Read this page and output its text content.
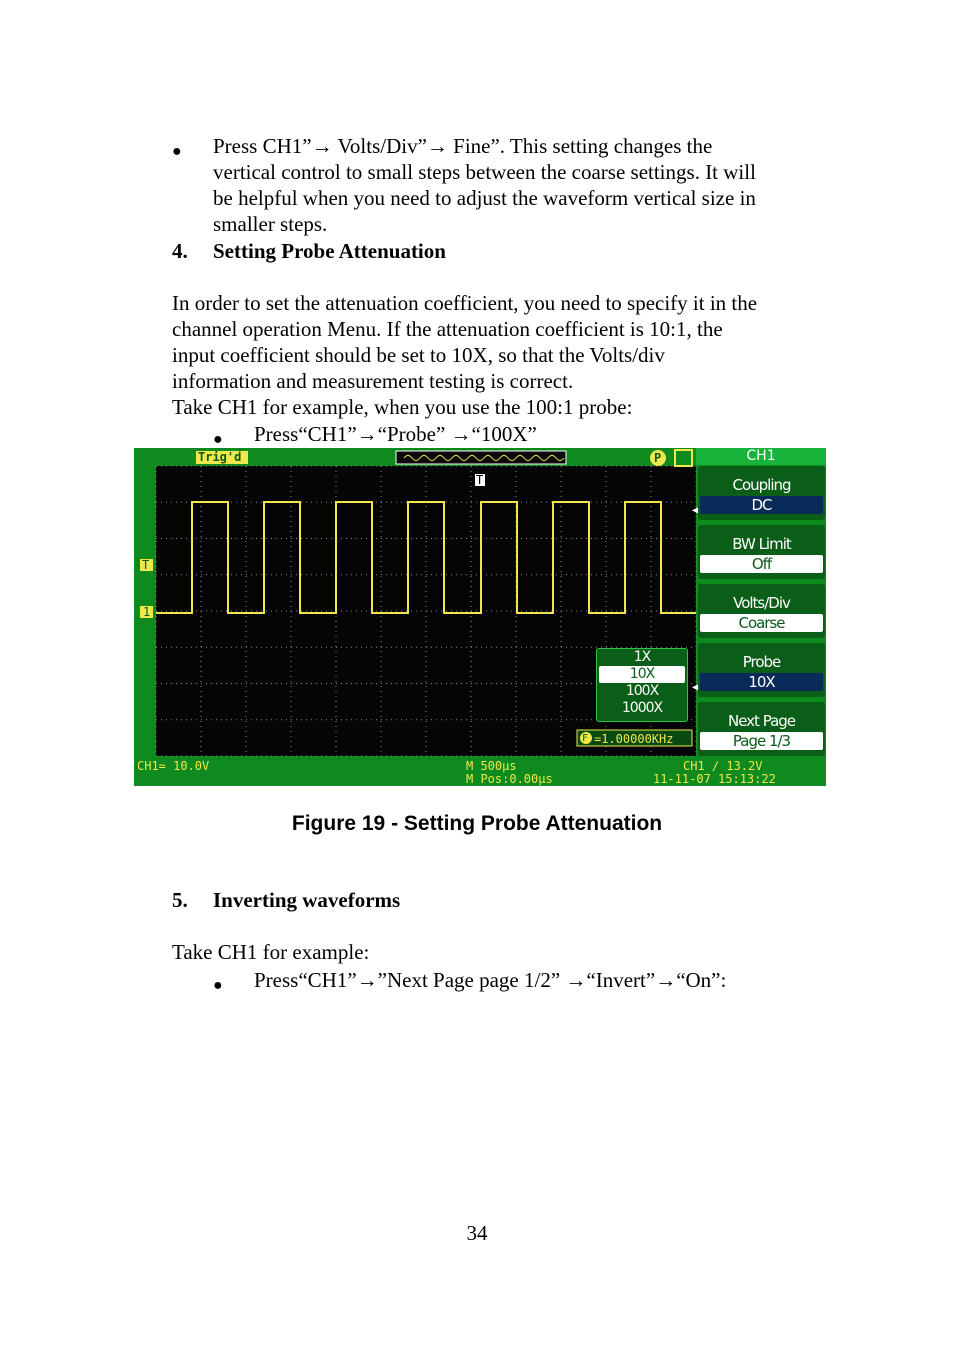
● Press CH1”→ Volts/Div”→ Fine”. This setting changes the
vertical control to small steps between the coarse settings. It will
be helpful when you need to adjust the waveform vertical size in
smaller steps.
4. Setting Probe Attenuation
In order to set the attenuation coefficient, you need to specify it in the
channel operation Menu. If the attenuation coefficient is 10:1, the
input coefficient should be set to 10X, so that the Volts/div
information and measurement testing is correct.
Take CH1 for example, when you use the 100:1 probe:
● Press“CH1”→“Probe” →“100X”
Trig'd	P
T
T
1
F =1.00000KHz
CH1≃ 10.0V	M 500μs
M Pos:0.00μs
CH1 ∕ 13.2V
11-11-07 15:13:22
CH1
Coupling
◀	DC
BW Limit
Off
Volts/Div
Coarse
Probe
◀	10X
Next Page
Page 1/3
1X
10X
100X
1000X
Figure 19 - Setting Probe Attenuation
5. Inverting waveforms
Take CH1 for example:
● Press“CH1”→”Next Page page 1/2” →“Invert”→“On”:
34
